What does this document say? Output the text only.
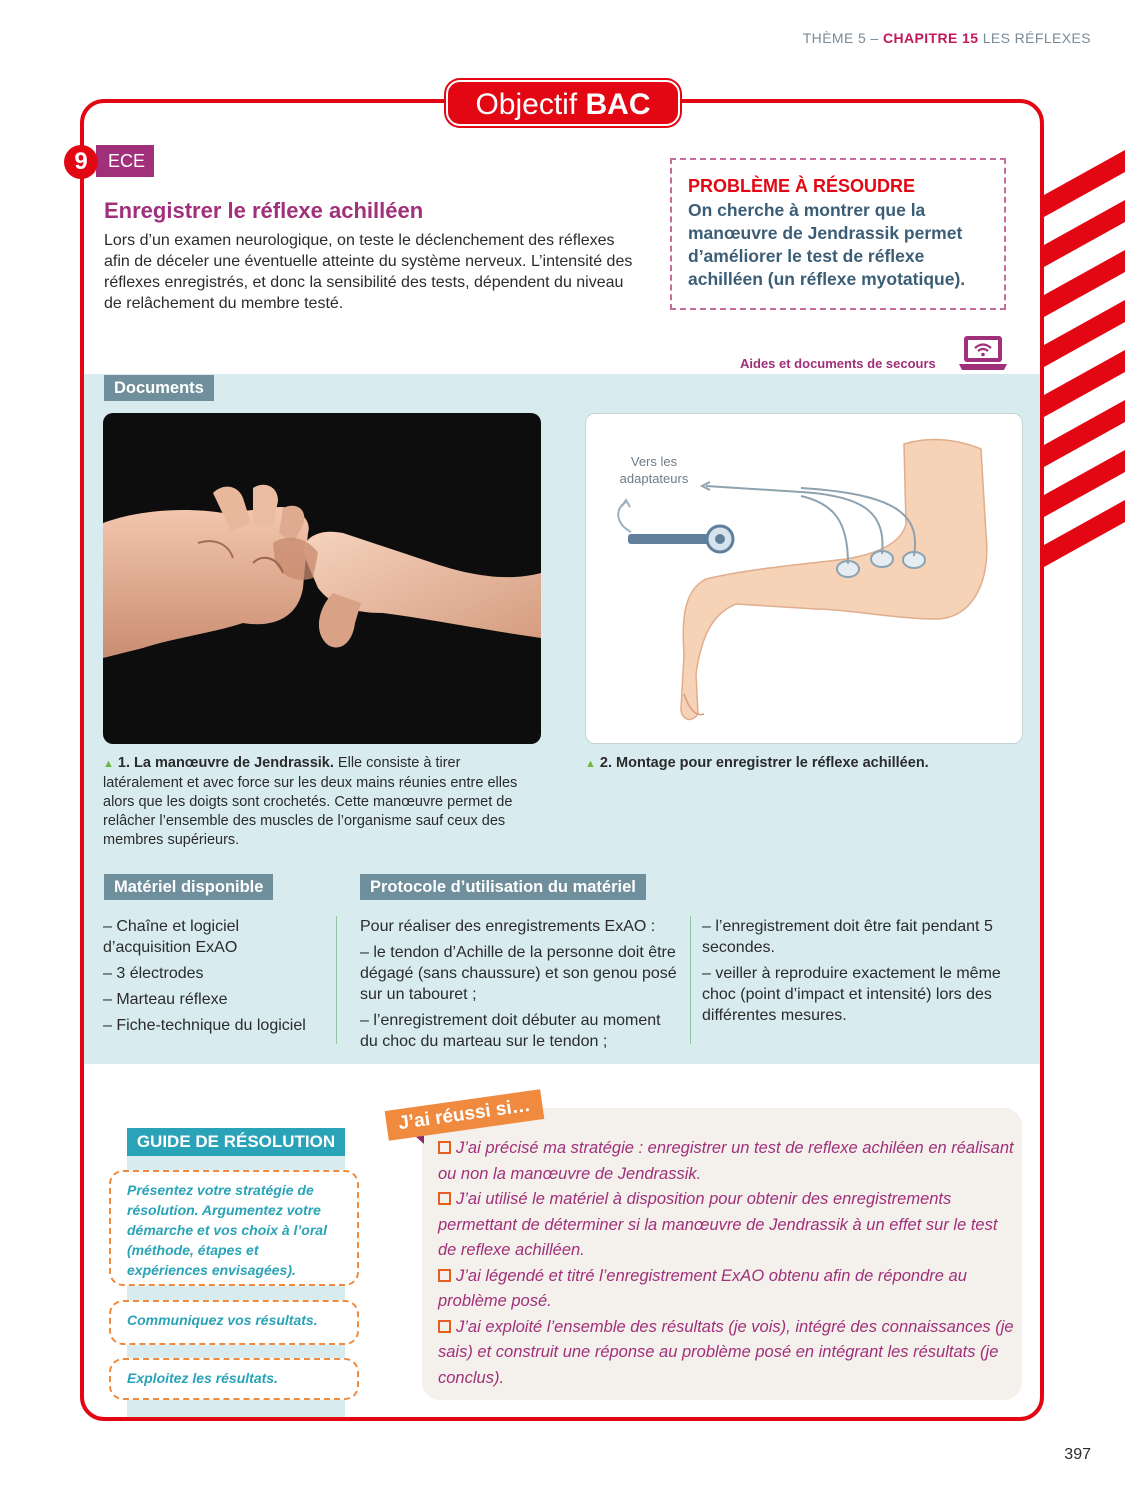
THÈME 5 – CHAPITRE 15 LES RÉFLEXES
Objectif BAC
9	ECE
Enregistrer le réflexe achilléen
Lors d’un examen neurologique, on teste le déclenchement des réflexes afin de déceler une éventuelle atteinte du système nerveux. L’intensité des réflexes enregistrés, et donc la sensibilité des tests, dépendent du niveau de relâchement du membre testé.
PROBLÈME À RÉSOUDRE
On cherche à montrer que la manœuvre de Jendrassik permet d’améliorer le test de réflexe achilléen (un réflexe myotatique).
Aides et documents de secours
Documents
Vers les adaptateurs
▲ 1. La manœuvre de Jendrassik. Elle consiste à tirer latéralement et avec force sur les deux mains réunies entre elles alors que les doigts sont crochetés. Cette manœuvre permet de relâcher l’ensemble des muscles de l’organisme sauf ceux des membres supérieurs.
▲ 2. Montage pour enregistrer le réflexe achilléen.
Matériel disponible

– Chaîne et logiciel d’acquisition ExAO

– 3 électrodes

– Marteau réflexe

– Fiche-technique du logiciel

Protocole d’utilisation du matériel

Pour réaliser des enregistrements ExAO :

– le tendon d’Achille de la personne doit être dégagé (sans chaussure) et son genou posé sur un tabouret ;

– l’enregistrement doit débuter au moment du choc du marteau sur le tendon ;

– l’enregistrement doit être fait pendant 5 secondes.

– veiller à reproduire exactement le même choc (point d’impact et intensité) lors des différentes mesures.

GUIDE DE RÉSOLUTION
Présentez votre stratégie de résolution. Argumentez votre démarche et vos choix à l’oral (méthode, étapes et expériences envisagées).
Communiquez vos résultats.
Exploitez les résultats.
J’ai réussi si…
J’ai précisé ma stratégie : enregistrer un test de reflexe achiléen en réalisant ou non la manœuvre de Jendrassik.
J’ai utilisé le matériel à disposition pour obtenir des enregistrements permettant de déterminer si la manœuvre de Jendrassik à un effet sur le test de reflexe achilléen.
J’ai légendé et titré l’enregistrement ExAO obtenu afin de répondre au problème posé.
J’ai exploité l’ensemble des résultats (je vois), intégré des connaissances (je sais) et construit une réponse au problème posé en intégrant les résultats (je conclus).
397
